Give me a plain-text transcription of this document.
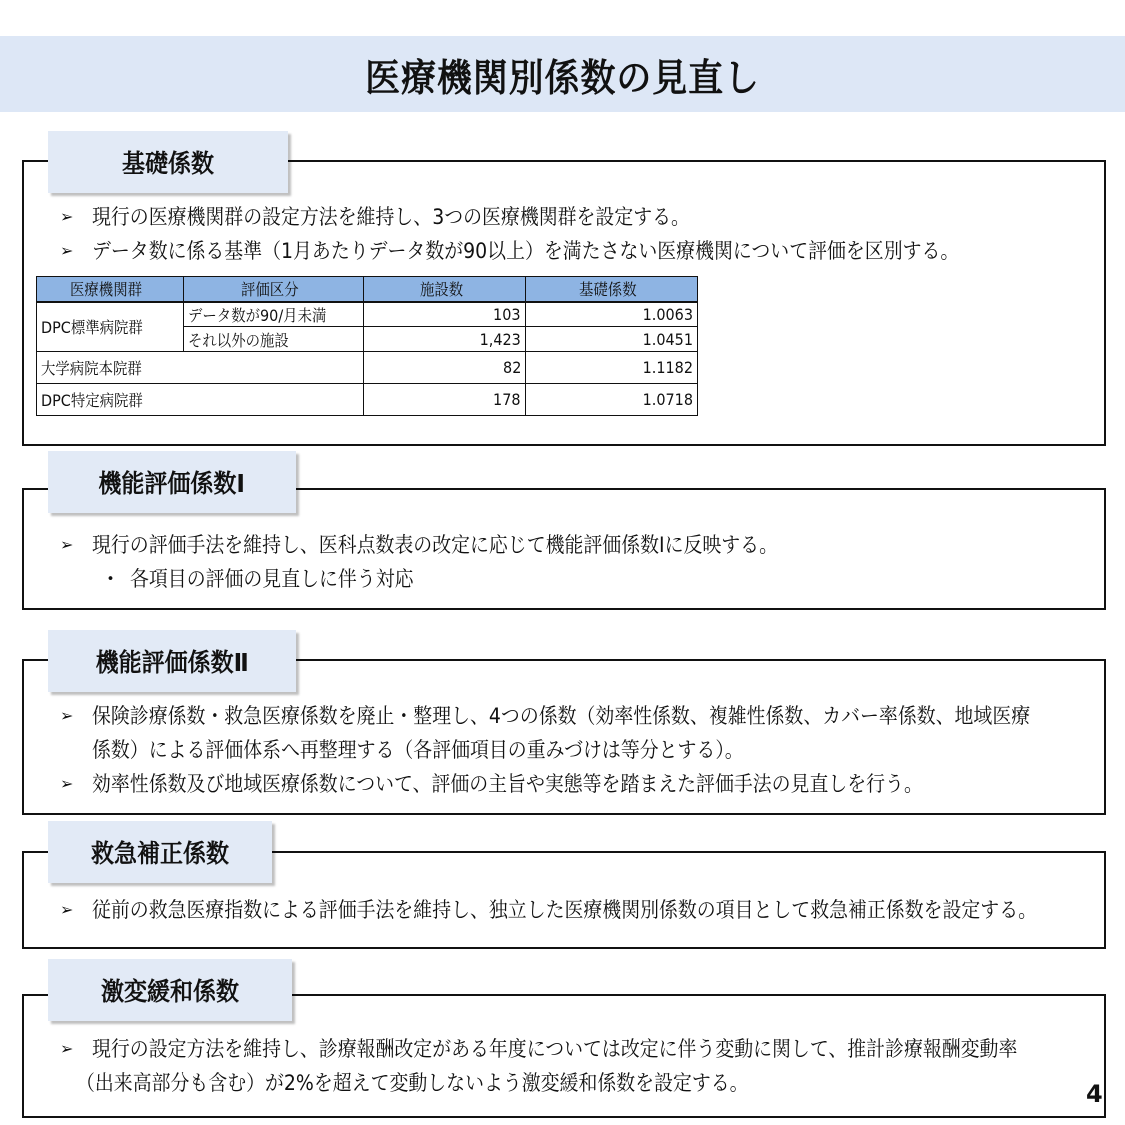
医療機関別係数の見直し
➢ 現行の医療機関群の設定方法を維持し、3つの医療機関群を設定する。
➢ データ数に係る基準（1月あたりデータ数が90以上）を満たさない医療機関について評価を区別する。
基礎係数
医療機関群	評価区分	施設数	基礎係数
DPC標準病院群	データ数が90/月未満	103	1.0063
	それ以外の施設	1,423	1.0451
大学病院本院群		82	1.1182
DPC特定病院群		178	1.0718
➢ 現行の評価手法を維持し、医科点数表の改定に応じて機能評価係数Ⅰに反映する。
・ 各項目の評価の見直しに伴う対応
機能評価係数Ⅰ
➢ 保険診療係数・救急医療係数を廃止・整理し、4つの係数（効率性係数、複雑性係数、カバー率係数、地域医療
係数）による評価体系へ再整理する（各評価項目の重みづけは等分とする）。
➢ 効率性係数及び地域医療係数について、評価の主旨や実態等を踏まえた評価手法の見直しを行う。
機能評価係数Ⅱ
➢ 従前の救急医療指数による評価手法を維持し、独立した医療機関別係数の項目として救急補正係数を設定する。
救急補正係数
➢ 現行の設定方法を維持し、診療報酬改定がある年度については改定に伴う変動に関して、推計診療報酬変動率
（出来高部分も含む）が2%を超えて変動しないよう激変緩和係数を設定する。
激変緩和係数
4
